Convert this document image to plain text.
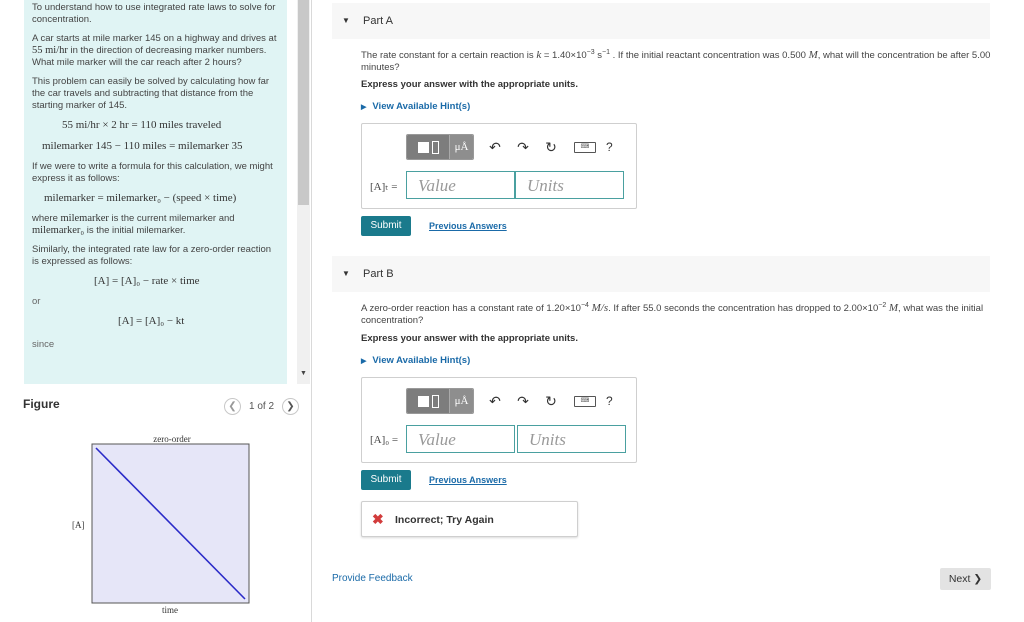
To understand how to use integrated rate laws to solve for concentration.

A car starts at mile marker 145 on a highway and drives at 55 mi/hr in the direction of decreasing marker numbers. What mile marker will the car reach after 2 hours?

This problem can easily be solved by calculating how far the car travels and subtracting that distance from the starting marker of 145.

55 mi/hr × 2 hr = 110 miles traveled
milemarker 145 − 110 miles = milemarker 35

If we were to write a formula for this calculation, we might express it as follows:

milemarker = milemarker₀ − (speed × time)

where milemarker is the current milemarker and milemarker₀ is the initial milemarker.

Similarly, the integrated rate law for a zero-order reaction is expressed as follows:

[A] = [A]₀ − rate × time

or

[A] = [A]₀ − kt

since

▼
Figure	❮	1 of 2	❯
zero-order
[A]
time
▼ Part A
The rate constant for a certain reaction is $k = 1.40\times 10^{-3}$ $s^{-1}$ . If the initial reactant concentration was 0.500 M, what will the concentration be after 5.00 minutes?
Express your answer with the appropriate units.
▶ View Available Hint(s)
μÅ	↶ ↷ ↻	⌨	?
[A]ₜ =	Value	Units
Submit	Previous Answers
▼ Part B
A zero-order reaction has a constant rate of $1.20\times 10^{-4}$ M/s. If after 55.0 seconds the concentration has dropped to $2.00\times 10^{-2}$ M, what was the initial concentration?
Express your answer with the appropriate units.
▶ View Available Hint(s)
μÅ	↶ ↷ ↻	⌨	?
[A]₀ =	Value	Units
Submit	Previous Answers
✖ Incorrect; Try Again
Provide Feedback	Next ❯
